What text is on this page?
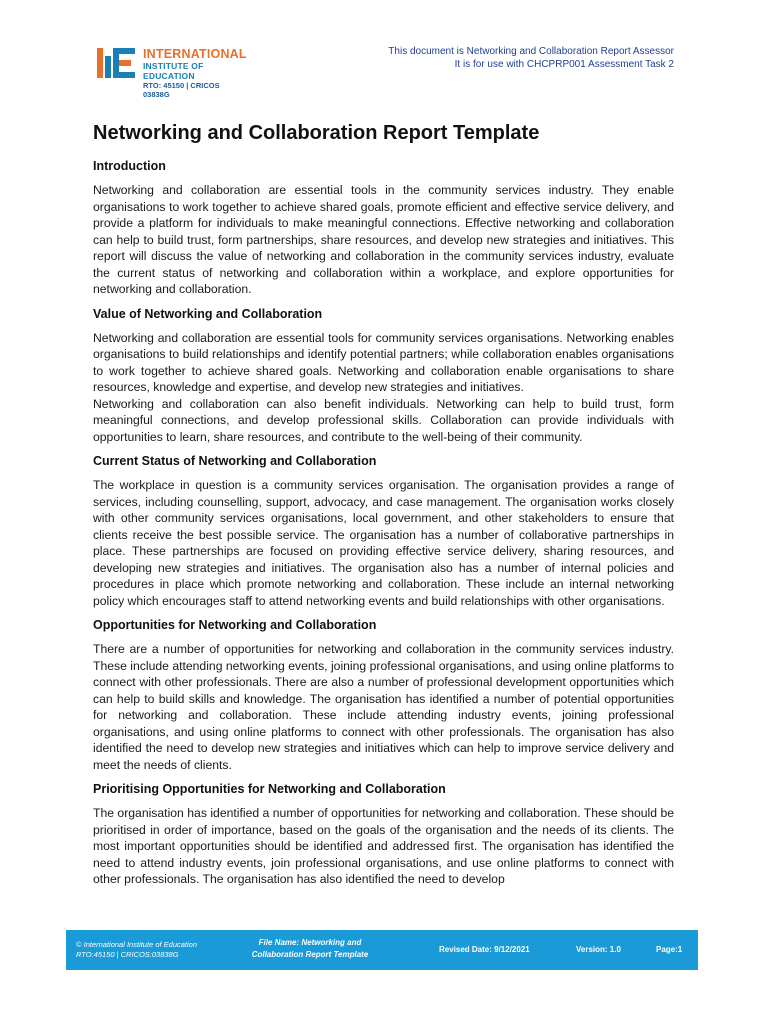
INTERNATIONAL
INSTITUTE OF EDUCATION
RTO: 45150 | CRICOS 03838G
This document is Networking and Collaboration Report Assessor
It is for use with CHCPRP001 Assessment Task 2
Networking and Collaboration Report Template
Introduction

Networking and collaboration are essential tools in the community services industry. They enable organisations to work together to achieve shared goals, promote efficient and effective service delivery, and provide a platform for individuals to make meaningful connections. Effective networking and collaboration can help to build trust, form partnerships, share resources, and develop new strategies and initiatives. This report will discuss the value of networking and collaboration in the community services industry, evaluate the current status of networking and collaboration within a workplace, and explore opportunities for networking and collaboration.

Value of Networking and Collaboration

Networking and collaboration are essential tools for community services organisations. Networking enables organisations to build relationships and identify potential partners; while collaboration enables organisations to work together to achieve shared goals. Networking and collaboration enable organisations to share resources, knowledge and expertise, and develop new strategies and initiatives.

Networking and collaboration can also benefit individuals. Networking can help to build trust, form meaningful connections, and develop professional skills. Collaboration can provide individuals with opportunities to learn, share resources, and contribute to the well-being of their community.

Current Status of Networking and Collaboration

The workplace in question is a community services organisation. The organisation provides a range of services, including counselling, support, advocacy, and case management. The organisation works closely with other community services organisations, local government, and other stakeholders to ensure that clients receive the best possible service. The organisation has a number of collaborative partnerships in place. These partnerships are focused on providing effective service delivery, sharing resources, and developing new strategies and initiatives. The organisation also has a number of internal policies and procedures in place which promote networking and collaboration. These include an internal networking policy which encourages staff to attend networking events and build relationships with other organisations.

Opportunities for Networking and Collaboration

There are a number of opportunities for networking and collaboration in the community services industry. These include attending networking events, joining professional organisations, and using online platforms to connect with other professionals. There are also a number of professional development opportunities which can help to build skills and knowledge. The organisation has identified a number of potential opportunities for networking and collaboration. These include attending industry events, joining professional organisations, and using online platforms to connect with other professionals. The organisation has also identified the need to develop new strategies and initiatives which can help to improve service delivery and meet the needs of clients.

Prioritising Opportunities for Networking and Collaboration

The organisation has identified a number of opportunities for networking and collaboration. These should be prioritised in order of importance, based on the goals of the organisation and the needs of its clients. The most important opportunities should be identified and addressed first. The organisation has identified the need to attend industry events, join professional organisations, and use online platforms to connect with other professionals. The organisation has also identified the need to develop

© International Institute of Education
RTO:45150 | CRICOS:03838G
File Name: Networking and
Collaboration Report Template
Revised Date: 9/12/2021	Version: 1.0	Page:1
